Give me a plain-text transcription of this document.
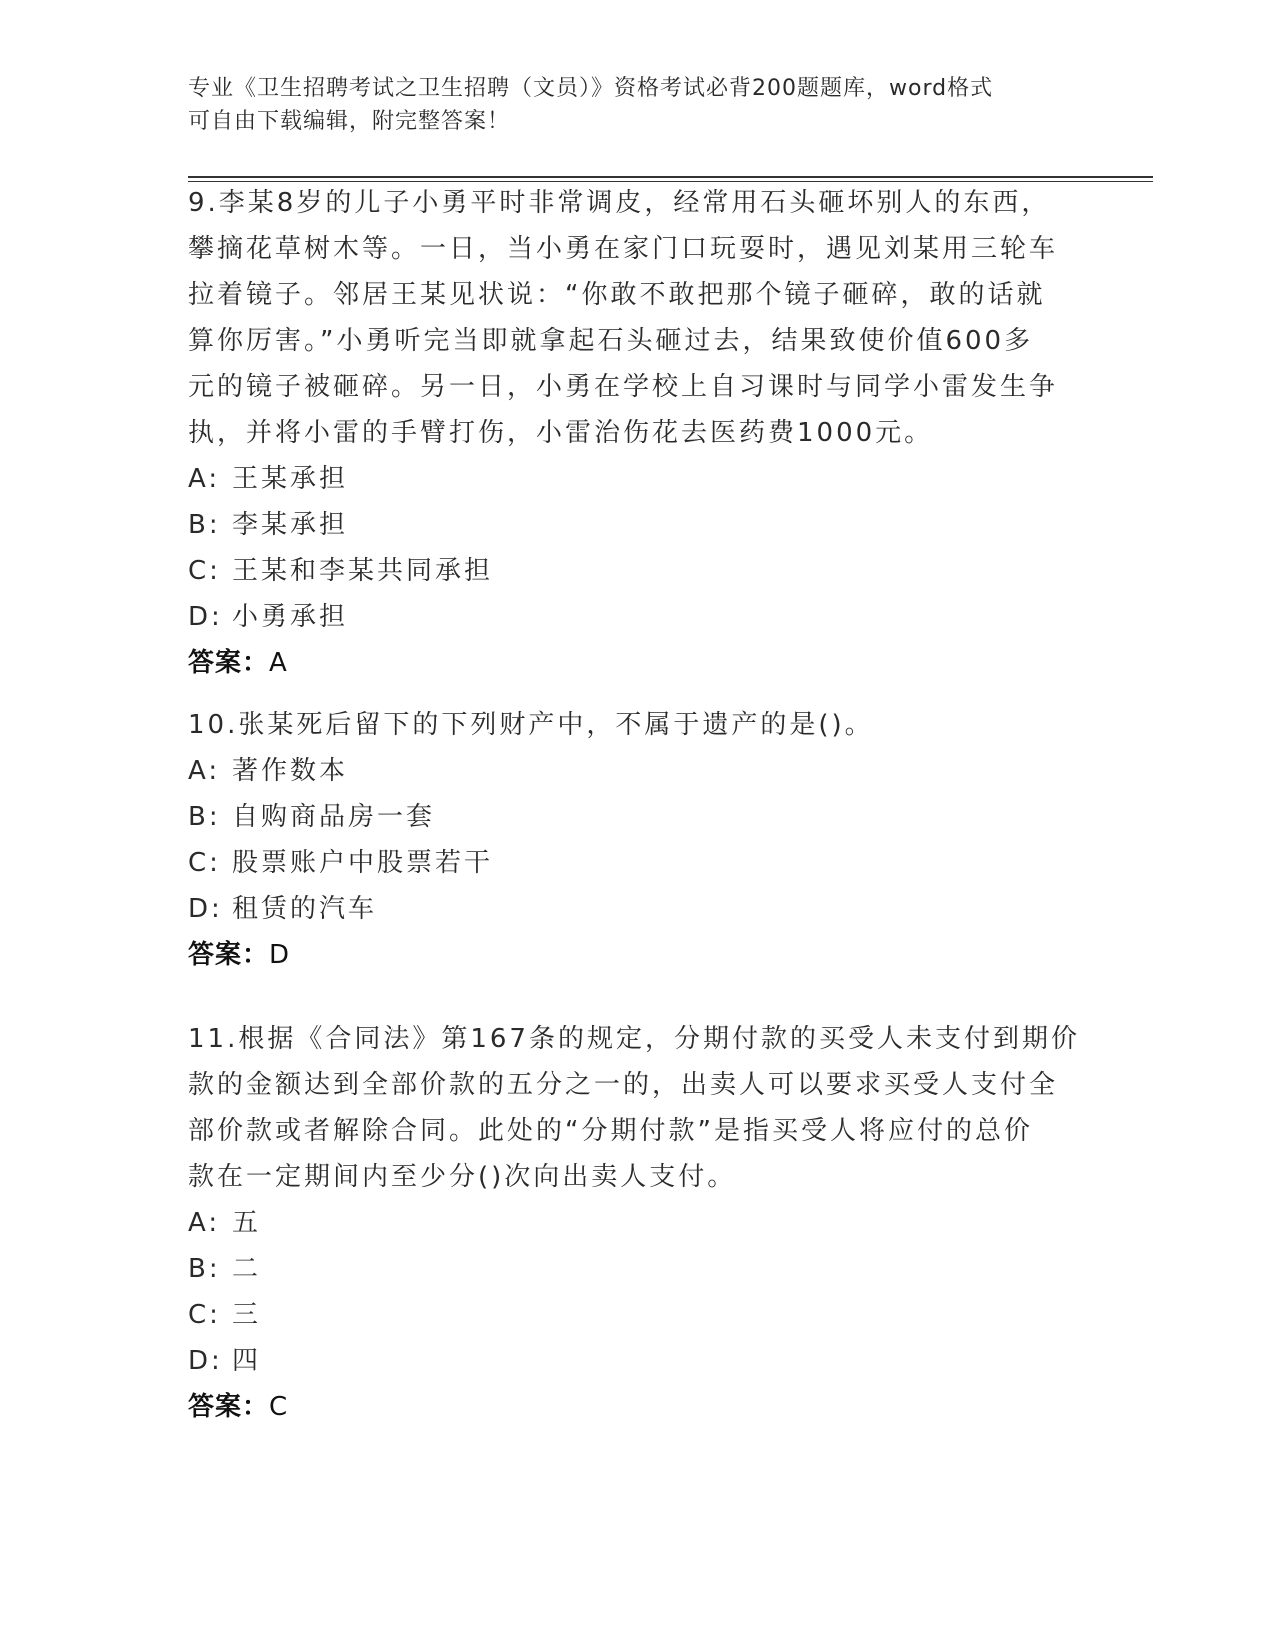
专业《卫生招聘考试之卫生招聘（文员）》资格考试必背200题题库，word格式
可自由下载编辑，附完整答案！
9.李某8岁的儿子小勇平时非常调皮，经常用石头砸坏别人的东西，
攀摘花草树木等。一日，当小勇在家门口玩耍时，遇见刘某用三轮车
拉着镜子。邻居王某见状说：“你敢不敢把那个镜子砸碎，敢的话就
算你厉害。”小勇听完当即就拿起石头砸过去，结果致使价值600多
元的镜子被砸碎。另一日，小勇在学校上自习课时与同学小雷发生争
执，并将小雷的手臂打伤，小雷治伤花去医药费1000元。
A: 王某承担
B: 李某承担
C: 王某和李某共同承担
D: 小勇承担
答案：A
10.张某死后留下的下列财产中，不属于遗产的是()。
A: 著作数本
B: 自购商品房一套
C: 股票账户中股票若干
D: 租赁的汽车
答案：D
11.根据《合同法》第167条的规定，分期付款的买受人未支付到期价
款的金额达到全部价款的五分之一的，出卖人可以要求买受人支付全
部价款或者解除合同。此处的“分期付款”是指买受人将应付的总价
款在一定期间内至少分()次向出卖人支付。
A: 五
B: 二
C: 三
D: 四
答案：C
